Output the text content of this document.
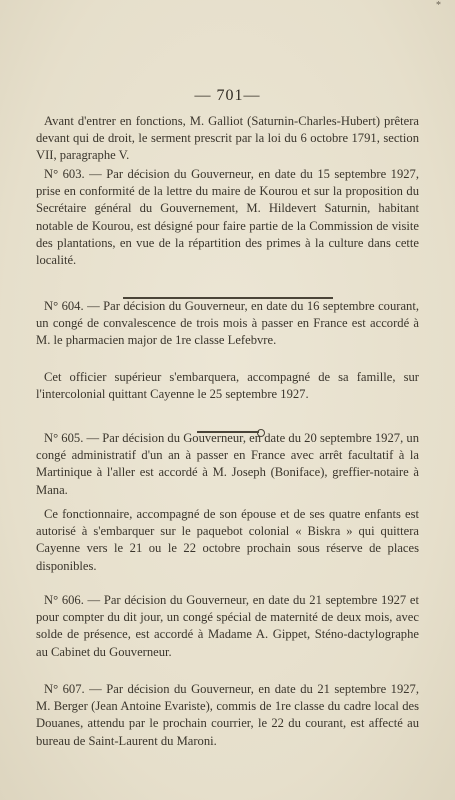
*
— 701—

Avant d'entrer en fonctions, M. Galliot (Saturnin-Charles-Hubert) prêtera devant qui de droit, le serment prescrit par la loi du 6 octobre 1791, section VII, paragraphe V.

N° 603. — Par décision du Gouverneur, en date du 15 septembre 1927, prise en conformité de la lettre du maire de Kourou et sur la proposition du Secrétaire général du Gouvernement, M. Hildevert Saturnin, habitant notable de Kourou, est désigné pour faire partie de la Commission de visite des plantations, en vue de la répartition des primes à la culture dans cette localité.

N° 604. — Par décision du Gouverneur, en date du 16 septembre courant, un congé de convalescence de trois mois à passer en France est accordé à M. le pharmacien major de 1re classe Lefebvre.

Cet officier supérieur s'embarquera, accompagné de sa famille, sur l'intercolonial quittant Cayenne le 25 septembre 1927.

N° 605. — Par décision du Gouverneur, en date du 20 septembre 1927, un congé administratif d'un an à passer en France avec arrêt facultatif à la Martinique à l'aller est accordé à M. Joseph (Boniface), greffier-notaire à Mana.

Ce fonctionnaire, accompagné de son épouse et de ses quatre enfants est autorisé à s'embarquer sur le paquebot colonial « Biskra » qui quittera Cayenne vers le 21 ou le 22 octobre prochain sous réserve de places disponibles.

N° 606. — Par décision du Gouverneur, en date du 21 septembre 1927 et pour compter du dit jour, un congé spécial de maternité de deux mois, avec solde de présence, est accordé à Madame A. Gippet, Sténo-dactylographe au Cabinet du Gouverneur.

N° 607. — Par décision du Gouverneur, en date du 21 septembre 1927, M. Berger (Jean Antoine Evariste), commis de 1re classe du cadre local des Douanes, attendu par le prochain courrier, le 22 du courant, est affecté au bureau de Saint-Laurent du Maroni.
